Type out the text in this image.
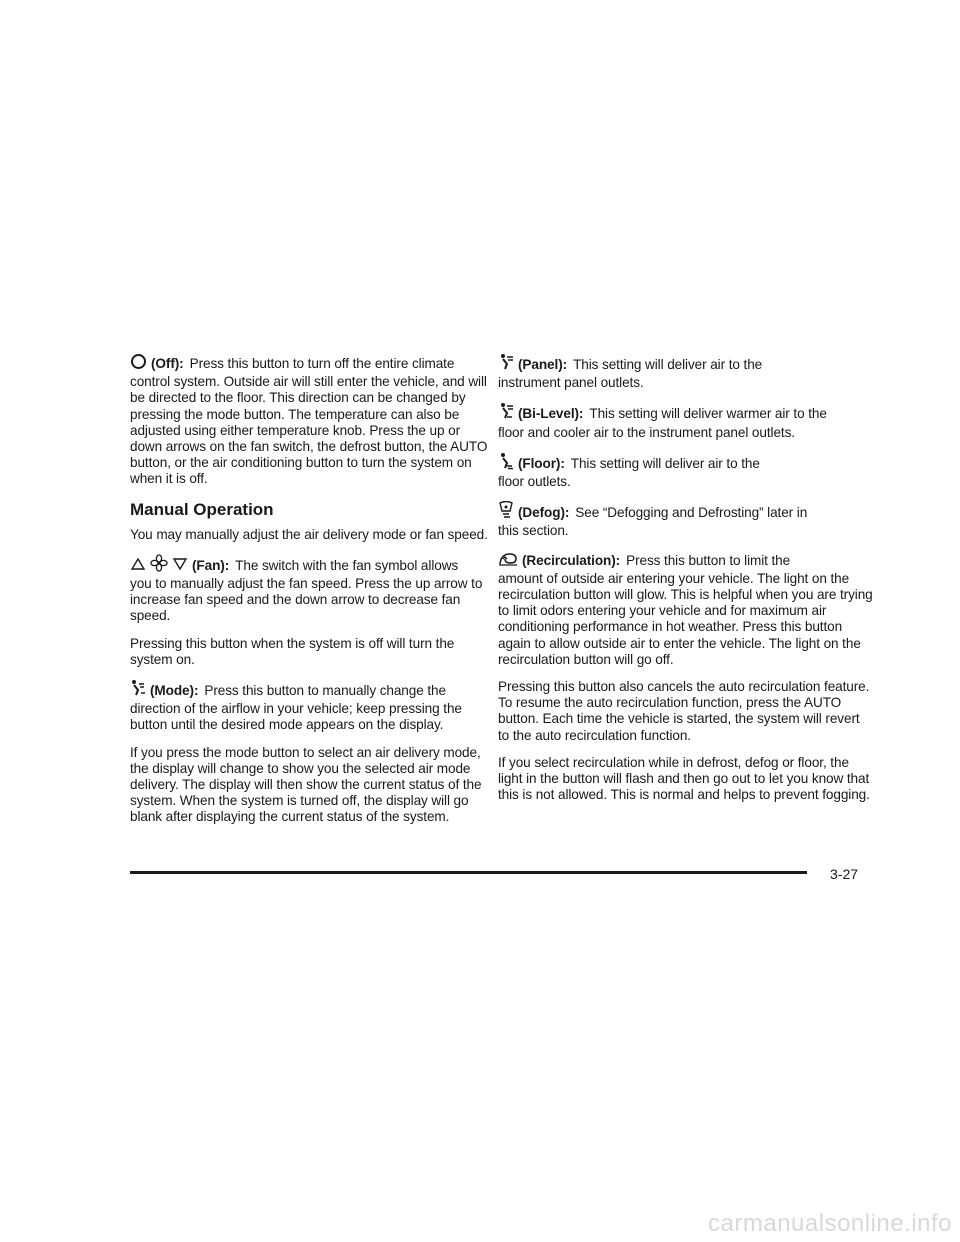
(Off): Press this button to turn off the entire climate
control system. Outside air will still enter the vehicle, and will be directed to the floor. This direction can be changed by pressing the mode button. The temperature can also be adjusted using either temperature knob. Press the up or down arrows on the fan switch, the defrost button, the AUTO button, or the air conditioning button to turn the system on when it is off.

Manual Operation

You may manually adjust the air delivery mode or fan speed.

(Fan): The switch with the fan symbol allows
you to manually adjust the fan speed. Press the up arrow to increase fan speed and the down arrow to decrease fan speed.

Pressing this button when the system is off will turn the system on.

(Mode): Press this button to manually change the
direction of the airflow in your vehicle; keep pressing the button until the desired mode appears on the display.

If you press the mode button to select an air delivery mode, the display will change to show you the selected air mode delivery. The display will then show the current status of the system. When the system is turned off, the display will go blank after displaying the current status of the system.

(Panel): This setting will deliver air to the
instrument panel outlets.

(Bi-Level): This setting will deliver warmer air to the
floor and cooler air to the instrument panel outlets.

(Floor): This setting will deliver air to the
floor outlets.

(Defog): See “Defogging and Defrosting” later in
this section.

(Recirculation): Press this button to limit the
amount of outside air entering your vehicle. The light on the recirculation button will glow. This is helpful when you are trying to limit odors entering your vehicle and for maximum air conditioning performance in hot weather. Press this button again to allow outside air to enter the vehicle. The light on the recirculation button will go off.

Pressing this button also cancels the auto recirculation feature. To resume the auto recirculation function, press the AUTO button. Each time the vehicle is started, the system will revert to the auto recirculation function.

If you select recirculation while in defrost, defog or floor, the light in the button will flash and then go out to let you know that this is not allowed. This is normal and helps to prevent fogging.

3-27
carmanualsonline.info
